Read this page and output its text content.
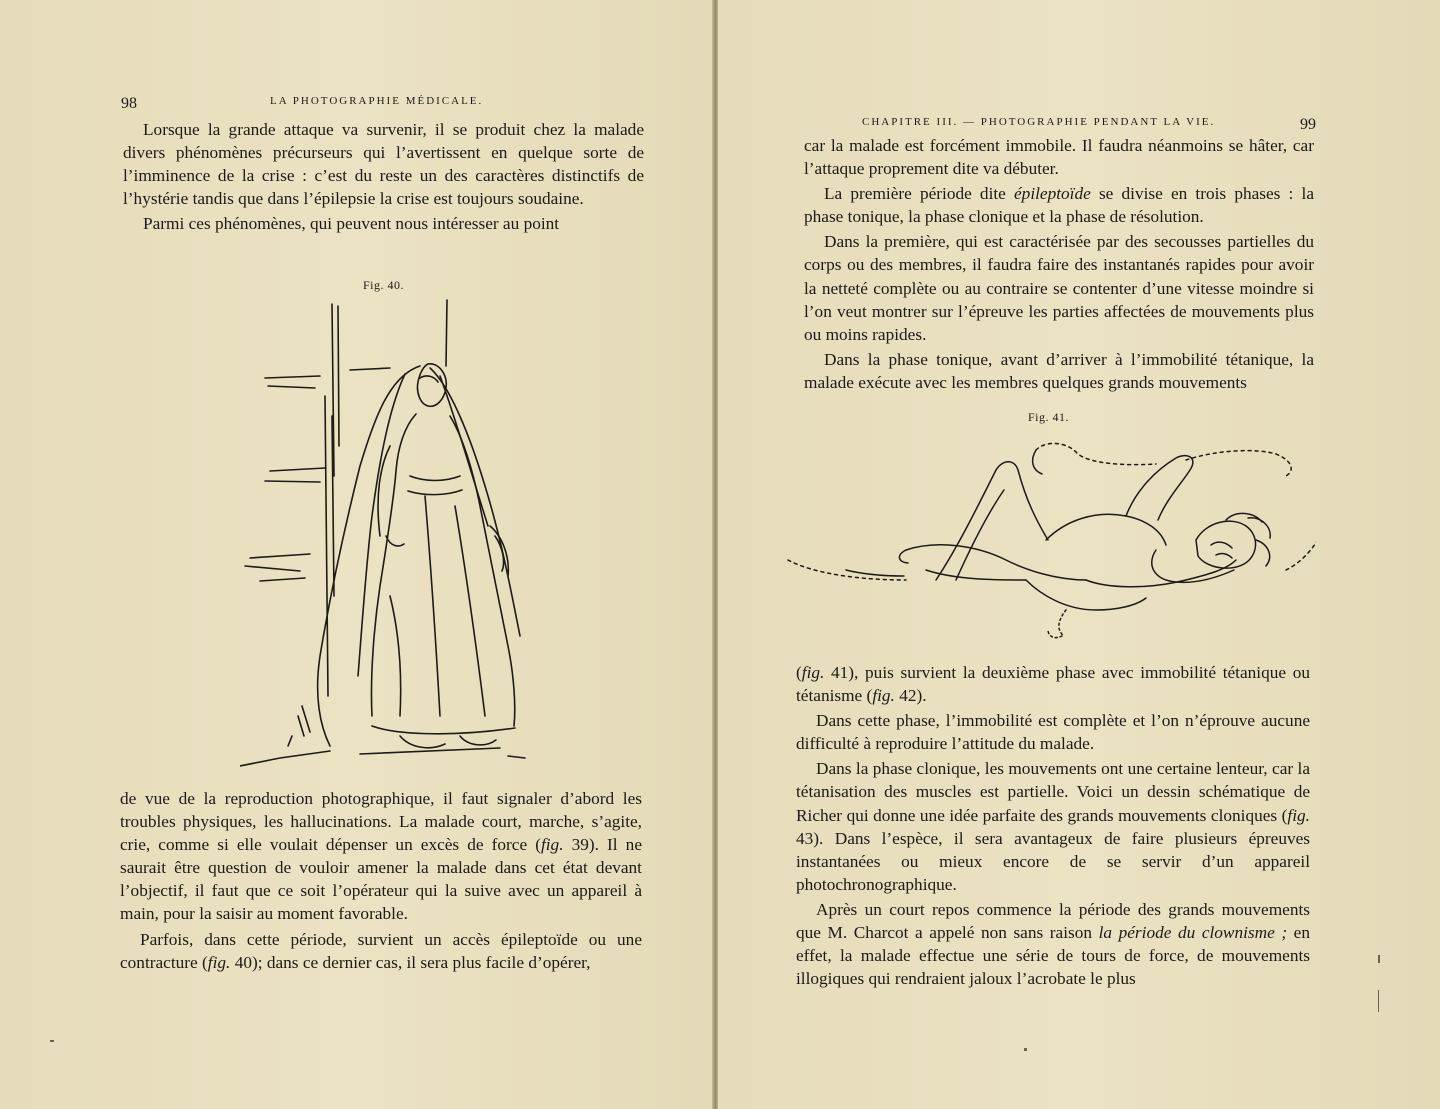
98	LA PHOTOGRAPHIE MÉDICALE.

Lorsque la grande attaque va survenir, il se produit chez la malade divers phénomènes précurseurs qui l’avertissent en quelque sorte de l’imminence de la crise : c’est du reste un des caractères distinctifs de l’hystérie tandis que dans l’épilepsie la crise est toujours soudaine.

Parmi ces phénomènes, qui peuvent nous intéresser au point

Fig. 40.

de vue de la reproduction photographique, il faut signaler d’abord les troubles physiques, les hallucinations. La malade court, marche, s’agite, crie, comme si elle voulait dépenser un excès de force (fig. 39). Il ne saurait être question de vouloir amener la malade dans cet état devant l’objectif, il faut que ce soit l’opérateur qui la suive avec un appareil à main, pour la saisir au moment favorable.

Parfois, dans cette période, survient un accès épileptoïde ou une contracture (fig. 40); dans ce dernier cas, il sera plus facile d’opérer,

CHAPITRE III. — PHOTOGRAPHIE PENDANT LA VIE.	99

car la malade est forcément immobile. Il faudra néanmoins se hâter, car l’attaque proprement dite va débuter.

La première période dite épileptoïde se divise en trois phases : la phase tonique, la phase clonique et la phase de résolution.

Dans la première, qui est caractérisée par des secousses partielles du corps ou des membres, il faudra faire des instantanés rapides pour avoir la netteté complète ou au contraire se contenter d’une vitesse moindre si l’on veut montrer sur l’épreuve les parties affectées de mouvements plus ou moins rapides.

Dans la phase tonique, avant d’arriver à l’immobilité tétanique, la malade exécute avec les membres quelques grands mouvements

Fig. 41.

(fig. 41), puis survient la deuxième phase avec immobilité tétanique ou tétanisme (fig. 42).

Dans cette phase, l’immobilité est complète et l’on n’éprouve aucune difficulté à reproduire l’attitude du malade.

Dans la phase clonique, les mouvements ont une certaine lenteur, car la tétanisation des muscles est partielle. Voici un dessin schématique de Richer qui donne une idée parfaite des grands mouvements cloniques (fig. 43). Dans l’espèce, il sera avantageux de faire plusieurs épreuves instantanées ou mieux encore de se servir d’un appareil photochronographique.

Après un court repos commence la période des grands mouvements que M. Charcot a appelé non sans raison la période du clownisme ; en effet, la malade effectue une série de tours de force, de mouvements illogiques qui rendraient jaloux l’acrobate le plus
